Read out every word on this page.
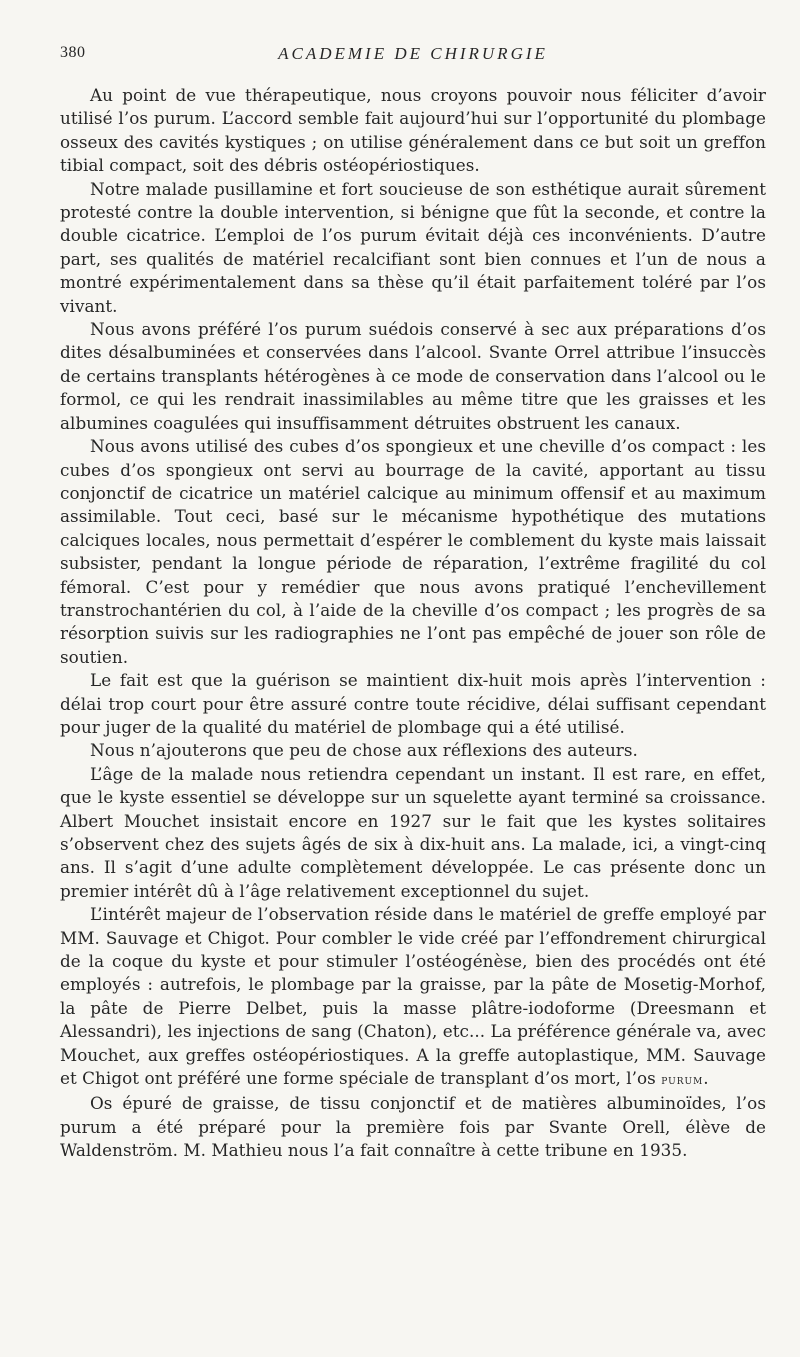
380	ACADEMIE DE CHIRURGIE

Au point de vue thérapeutique, nous croyons pouvoir nous féliciter d’avoir utilisé l’os purum. L’accord semble fait aujourd’hui sur l’opportunité du plombage osseux des cavités kystiques ; on utilise généralement dans ce but soit un greffon tibial compact, soit des débris ostéopériostiques.

Notre malade pusillamine et fort soucieuse de son esthétique aurait sûrement protesté contre la double intervention, si bénigne que fût la seconde, et contre la double cicatrice. L’emploi de l’os purum évitait déjà ces inconvénients. D’autre part, ses qualités de matériel recalcifiant sont bien connues et l’un de nous a montré expérimentalement dans sa thèse qu’il était parfaitement toléré par l’os vivant.

Nous avons préféré l’os purum suédois conservé à sec aux préparations d’os dites désalbuminées et conservées dans l’alcool. Svante Orrel attribue l’insuccès de certains transplants hétérogènes à ce mode de conservation dans l’alcool ou le formol, ce qui les rendrait inassimilables au même titre que les graisses et les albumines coagulées qui insuffisamment détruites obstruent les canaux.

Nous avons utilisé des cubes d’os spongieux et une cheville d’os compact : les cubes d’os spongieux ont servi au bourrage de la cavité, apportant au tissu conjonctif de cicatrice un matériel calcique au minimum offensif et au maximum assimilable. Tout ceci, basé sur le mécanisme hypothétique des mutations calciques locales, nous permettait d’espérer le comblement du kyste mais laissait subsister, pendant la longue période de réparation, l’extrême fragilité du col fémoral. C’est pour y remédier que nous avons pratiqué l’enchevillement transtrochantérien du col, à l’aide de la cheville d’os compact ; les progrès de sa résorption suivis sur les radiographies ne l’ont pas empêché de jouer son rôle de soutien.

Le fait est que la guérison se maintient dix-huit mois après l’intervention : délai trop court pour être assuré contre toute récidive, délai suffisant cependant pour juger de la qualité du matériel de plombage qui a été utilisé.

Nous n’ajouterons que peu de chose aux réflexions des auteurs.

L’âge de la malade nous retiendra cependant un instant. Il est rare, en effet, que le kyste essentiel se développe sur un squelette ayant terminé sa croissance. Albert Mouchet insistait encore en 1927 sur le fait que les kystes solitaires s’observent chez des sujets âgés de six à dix-huit ans. La malade, ici, a vingt-cinq ans. Il s’agit d’une adulte complètement développée. Le cas présente donc un premier intérêt dû à l’âge relativement exceptionnel du sujet.

L’intérêt majeur de l’observation réside dans le matériel de greffe employé par MM. Sauvage et Chigot. Pour combler le vide créé par l’effondrement chirurgical de la coque du kyste et pour stimuler l’ostéogénèse, bien des procédés ont été employés : autrefois, le plombage par la graisse, par la pâte de Mosetig-Morhof, la pâte de Pierre Delbet, puis la masse plâtre-iodoforme (Dreesmann et Alessandri), les injections de sang (Chaton), etc... La préférence générale va, avec Mouchet, aux greffes ostéopériostiques. A la greffe autoplastique, MM. Sauvage et Chigot ont préféré une forme spéciale de transplant d’os mort, l’os purum.

Os épuré de graisse, de tissu conjonctif et de matières albuminoïdes, l’os purum a été préparé pour la première fois par Svante Orell, élève de Waldenström. M. Mathieu nous l’a fait connaître à cette tribune en 1935.
